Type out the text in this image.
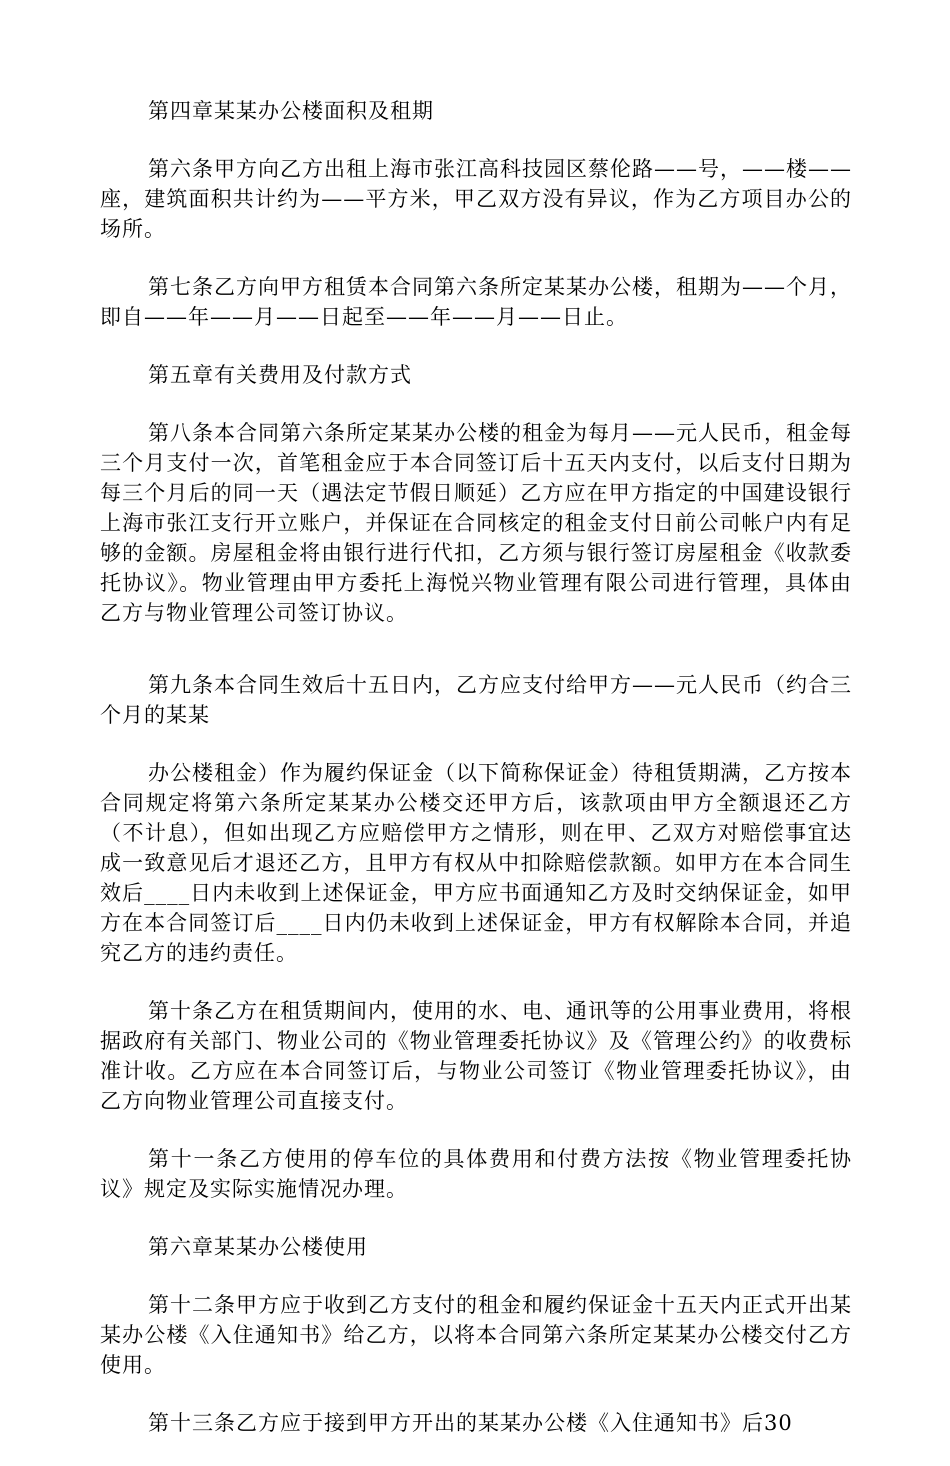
第四章某某办公楼面积及租期

第六条甲方向乙方出租上海市张江高科技园区蔡伦路——号，——楼——座，建筑面积共计约为——平方米，甲乙双方没有异议，作为乙方项目办公的场所。

第七条乙方向甲方租赁本合同第六条所定某某办公楼，租期为——个月，即自——年——月——日起至——年——月——日止。

第五章有关费用及付款方式

第八条本合同第六条所定某某办公楼的租金为每月——元人民币，租金每三个月支付一次，首笔租金应于本合同签订后十五天内支付，以后支付日期为每三个月后的同一天（遇法定节假日顺延）乙方应在甲方指定的中国建设银行上海市张江支行开立账户，并保证在合同核定的租金支付日前公司帐户内有足够的金额。房屋租金将由银行进行代扣，乙方须与银行签订房屋租金《收款委托协议》。物业管理由甲方委托上海悦兴物业管理有限公司进行管理，具体由乙方与物业管理公司签订协议。

第九条本合同生效后十五日内，乙方应支付给甲方——元人民币（约合三个月的某某

办公楼租金）作为履约保证金（以下简称保证金）待租赁期满，乙方按本合同规定将第六条所定某某办公楼交还甲方后，该款项由甲方全额退还乙方（不计息），但如出现乙方应赔偿甲方之情形，则在甲、乙双方对赔偿事宜达成一致意见后才退还乙方，且甲方有权从中扣除赔偿款额。如甲方在本合同生效后____日内未收到上述保证金，甲方应书面通知乙方及时交纳保证金，如甲方在本合同签订后____日内仍未收到上述保证金，甲方有权解除本合同，并追究乙方的违约责任。

第十条乙方在租赁期间内，使用的水、电、通讯等的公用事业费用，将根据政府有关部门、物业公司的《物业管理委托协议》及《管理公约》的收费标准计收。乙方应在本合同签订后，与物业公司签订《物业管理委托协议》，由乙方向物业管理公司直接支付。

第十一条乙方使用的停车位的具体费用和付费方法按《物业管理委托协议》规定及实际实施情况办理。

第六章某某办公楼使用

第十二条甲方应于收到乙方支付的租金和履约保证金十五天内正式开出某某办公楼《入住通知书》给乙方，以将本合同第六条所定某某办公楼交付乙方使用。

第十三条乙方应于接到甲方开出的某某办公楼《入住通知书》后30
